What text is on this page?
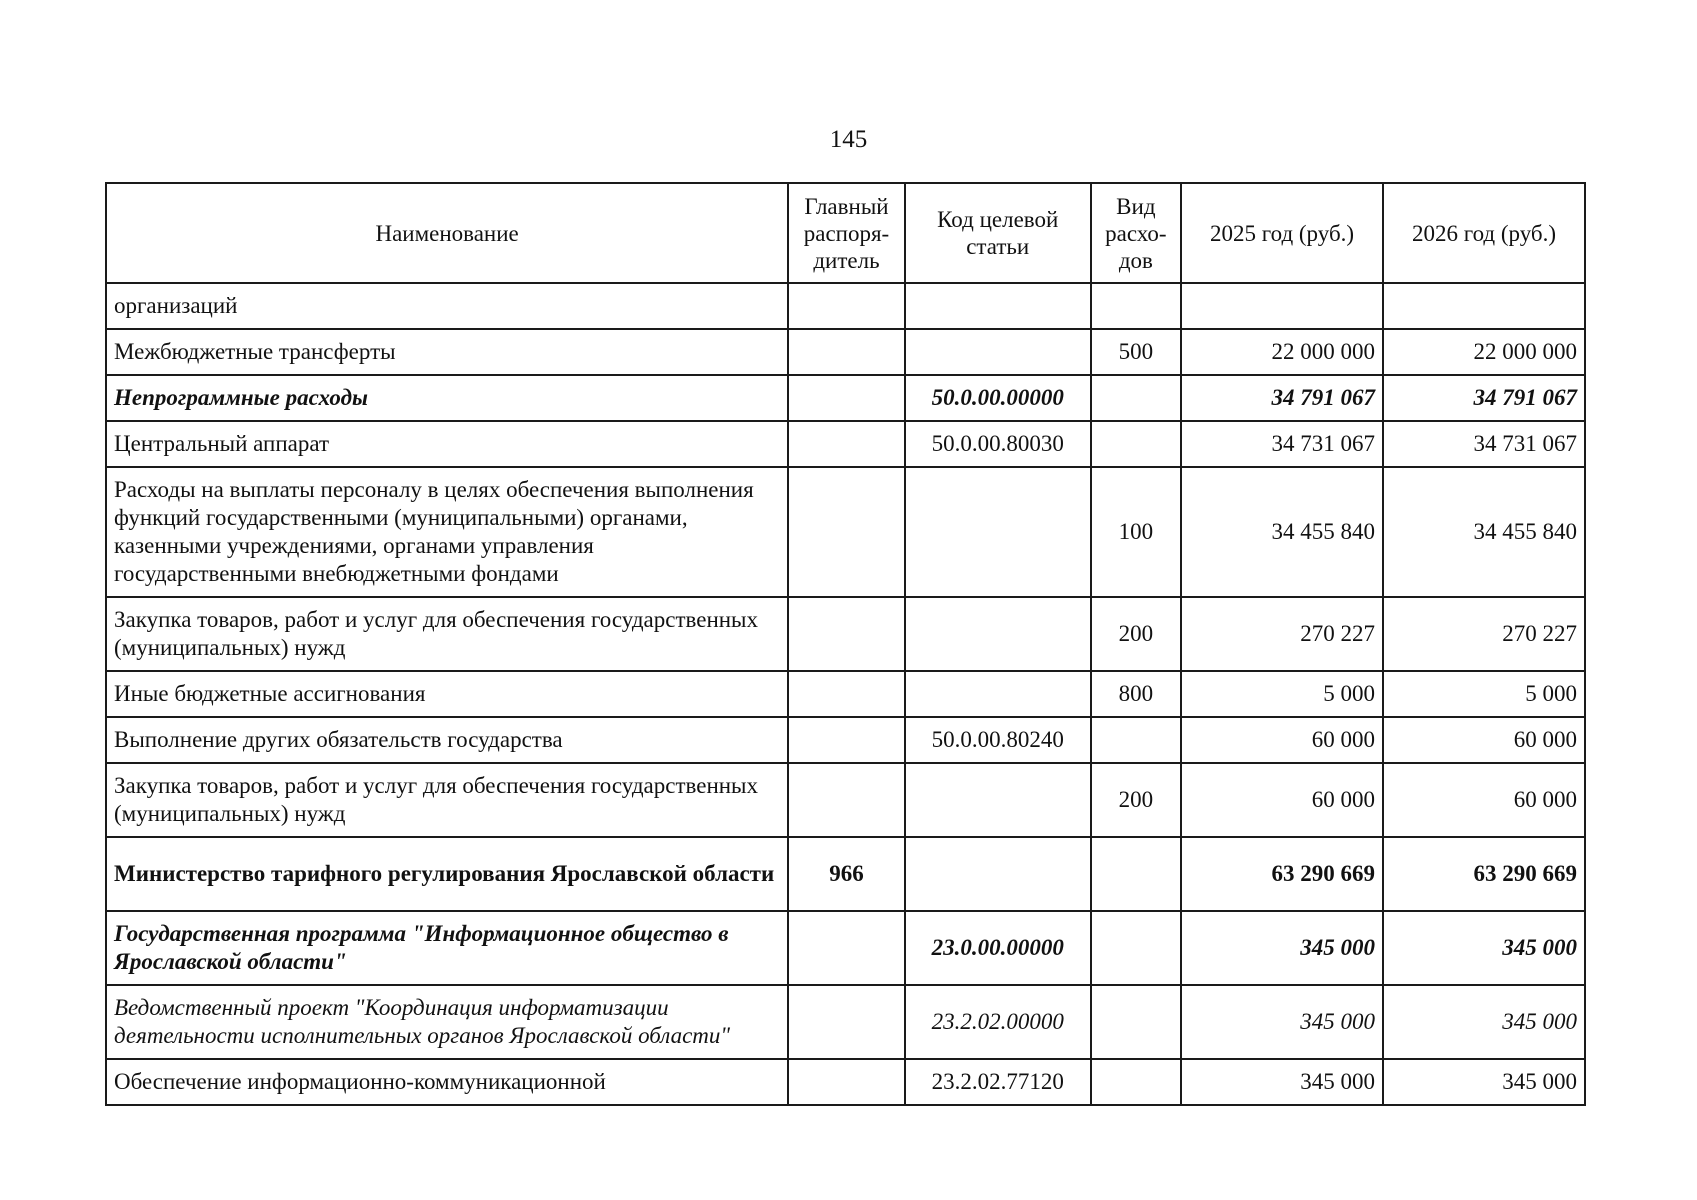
145
Наименование	Главный распоря-дитель	Код целевой статьи	Вид расхо-дов	2025 год (руб.)	2026 год (руб.)
организаций					
Межбюджетные трансферты			500	22 000 000	22 000 000
Непрограммные расходы		50.0.00.00000		34 791 067	34 791 067
Центральный аппарат		50.0.00.80030		34 731 067	34 731 067
Расходы на выплаты персоналу в целях обеспечения выполнения функций государственными (муниципальными) органами, казенными учреждениями, органами управления государственными внебюджетными фондами			100	34 455 840	34 455 840
Закупка товаров, работ и услуг для обеспечения государственных (муниципальных) нужд			200	270 227	270 227
Иные бюджетные ассигнования			800	5 000	5 000
Выполнение других обязательств государства		50.0.00.80240		60 000	60 000
Закупка товаров, работ и услуг для обеспечения государственных (муниципальных) нужд			200	60 000	60 000
Министерство тарифного регулирования Ярославской области	966			63 290 669	63 290 669
Государственная программа "Информационное общество в Ярославской области"		23.0.00.00000		345 000	345 000
Ведомственный проект "Координация информатизации деятельности исполнительных органов Ярославской области"		23.2.02.00000		345 000	345 000
Обеспечение информационно-коммуникационной		23.2.02.77120		345 000	345 000
